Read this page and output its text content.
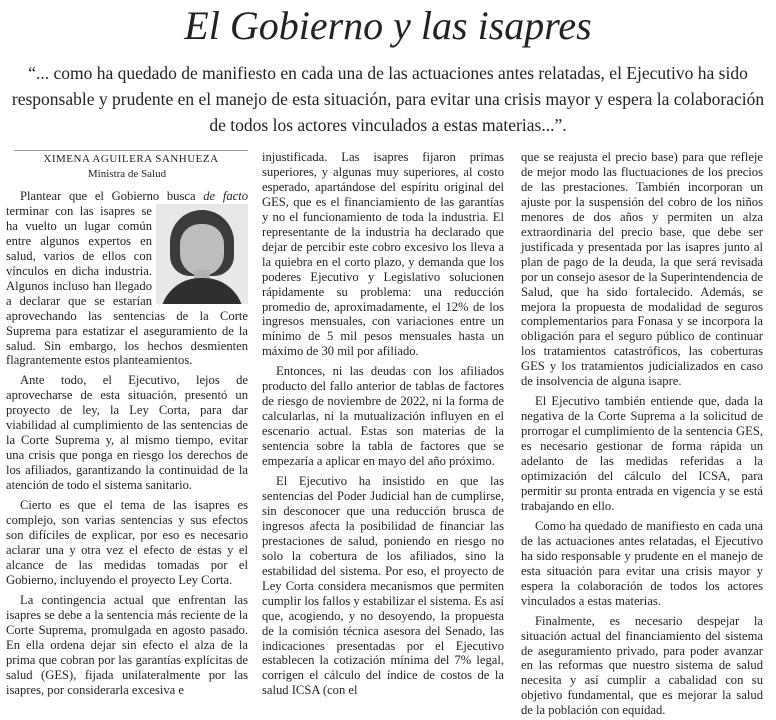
El Gobierno y las isapres
“... como ha quedado de manifiesto en cada una de las actuaciones antes relatadas, el Ejecutivo ha sido responsable y prudente en el manejo de esta situación, para evitar una crisis mayor y espera la colaboración de todos los actores vinculados a estas materias...”.
XIMENA AGUILERA SANHUEZA
Ministra de Salud

Plantear que el Gobierno busca de facto
terminar con las isapres se ha vuelto un lugar común entre algunos expertos en salud, varios de ellos con vínculos en dicha industria. Algunos incluso han llegado a declarar que se estarían aprovechando las sentencias de la Corte Suprema para estatizar el aseguramiento de la salud. Sin embargo, los hechos desmienten flagrantemente estos planteamientos.

Ante todo, el Ejecutivo, lejos de aprovecharse de esta situación, presentó un proyecto de ley, la Ley Corta, para dar viabilidad al cumplimiento de las sentencias de la Corte Suprema y, al mismo tiempo, evitar una crisis que ponga en riesgo los derechos de los afiliados, garantizando la continuidad de la atención de todo el sistema sanitario.

Cierto es que el tema de las isapres es complejo, son varias sentencias y sus efectos son difíciles de explicar, por eso es necesario aclarar una y otra vez el efecto de estas y el alcance de las medidas tomadas por el Gobierno, incluyendo el proyecto Ley Corta.

La contingencia actual que enfrentan las isapres se debe a la sentencia más reciente de la Corte Suprema, promulgada en agosto pasado. En ella ordena dejar sin efecto el alza de la prima que cobran por las garantías explícitas de salud (GES), fijada unilateralmente por las isapres, por considerarla excesiva e

injustificada. Las isapres fijaron primas superiores, y algunas muy superiores, al costo esperado, apartándose del espíritu original del GES, que es el financiamiento de las garantías y no el funcionamiento de toda la industria. El representante de la industria ha declarado que dejar de percibir este cobro excesivo los lleva a la quiebra en el corto plazo, y demanda que los poderes Ejecutivo y Legislativo solucionen rápidamente su problema: una reducción promedio de, aproximadamente, el 12% de los ingresos mensuales, con variaciones entre un mínimo de 5 mil pesos mensuales hasta un máximo de 30 mil por afiliado.

Entonces, ni las deudas con los afiliados producto del fallo anterior de tablas de factores de riesgo de noviembre de 2022, ni la forma de calcularlas, ni la mutualización influyen en el escenario actual. Estas son materias de la sentencia sobre la tabla de factores que se empezaría a aplicar en mayo del año próximo.

El Ejecutivo ha insistido en que las sentencias del Poder Judicial han de cumplirse, sin desconocer que una reducción brusca de ingresos afecta la posibilidad de financiar las prestaciones de salud, poniendo en riesgo no solo la cobertura de los afiliados, sino la estabilidad del sistema. Por eso, el proyecto de Ley Corta considera mecanismos que permiten cumplir los fallos y estabilizar el sistema. Es así que, acogiendo, y no desoyendo, la propuesta de la comisión técnica asesora del Senado, las indicaciones presentadas por el Ejecutivo establecen la cotización mínima del 7% legal, corrigen el cálculo del índice de costos de la salud ICSA (con el

que se reajusta el precio base) para que refleje de mejor modo las fluctuaciones de los precios de las prestaciones. También incorporan un ajuste por la suspensión del cobro de los niños menores de dos años y permiten un alza extraordinaria del precio base, que debe ser justificada y presentada por las isapres junto al plan de pago de la deuda, la que será revisada por un consejo asesor de la Superintendencia de Salud, que ha sido fortalecido. Además, se mejora la propuesta de modalidad de seguros complementarios para Fonasa y se incorpora la obligación para el seguro público de continuar los tratamientos catastróficos, las coberturas GES y los tratamientos judicializados en caso de insolvencia de alguna isapre.

El Ejecutivo también entiende que, dada la negativa de la Corte Suprema a la solicitud de prorrogar el cumplimiento de la sentencia GES, es necesario gestionar de forma rápida un adelanto de las medidas referidas a la optimización del cálculo del ICSA, para permitir su pronta entrada en vigencia y se está trabajando en ello.

Como ha quedado de manifiesto en cada una de las actuaciones antes relatadas, el Ejecutivo ha sido responsable y prudente en el manejo de esta situación para evitar una crisis mayor y espera la colaboración de todos los actores vinculados a estas materias.

Finalmente, es necesario despejar la situación actual del financiamiento del sistema de aseguramiento privado, para poder avanzar en las reformas que nuestro sistema de salud necesita y así cumplir a cabalidad con su objetivo fundamental, que es mejorar la salud de la población con equidad.
